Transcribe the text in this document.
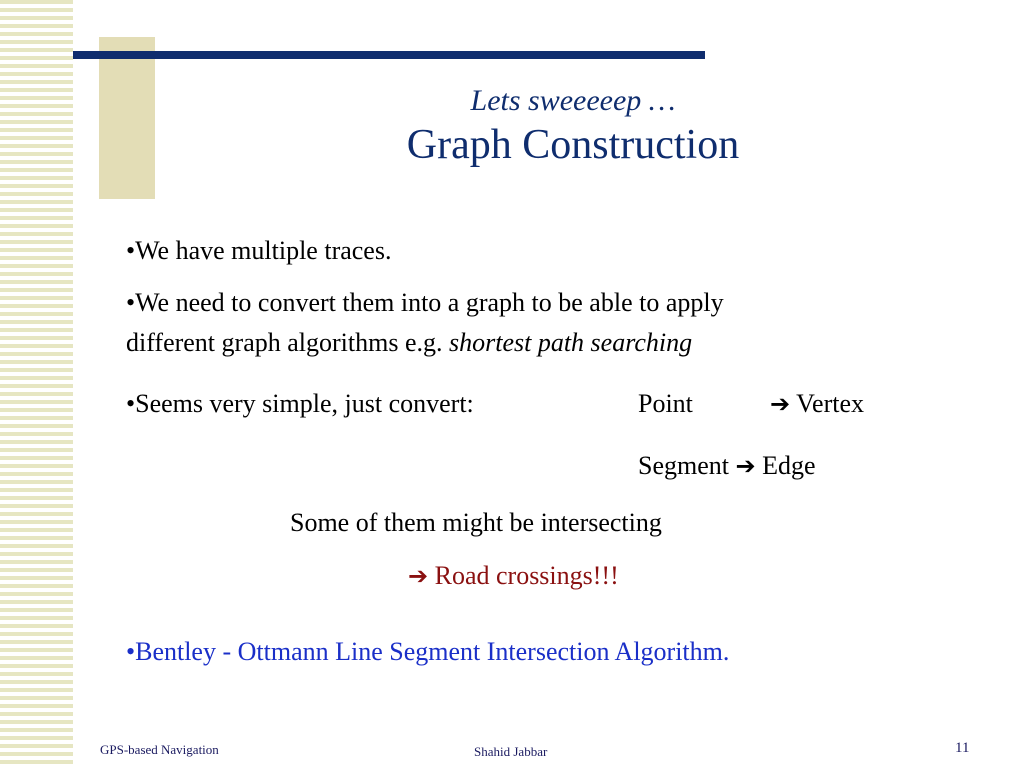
Lets sweeeeep …
Graph Construction
•We have multiple traces.
•We need to convert them into a graph to be able to apply
different graph algorithms e.g. shortest path searching
•Seems very simple, just convert:	Point	➔ Vertex
Segment ➔ Edge
Some of them might be intersecting
➔ Road crossings!!!
•Bentley - Ottmann Line Segment Intersection Algorithm.
GPS-based Navigation	Shahid Jabbar	11
